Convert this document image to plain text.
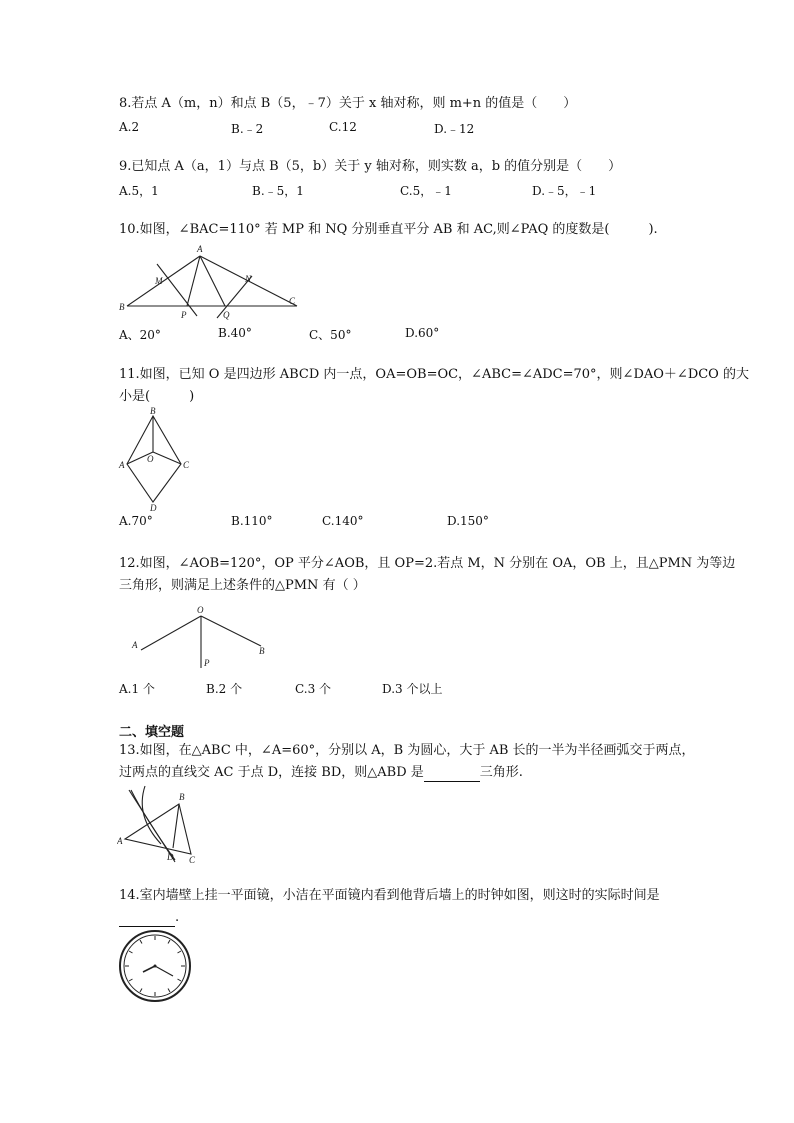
8.若点 A（m，n）和点 B（5，﹣7）关于 x 轴对称，则 m+n 的值是（　　）
A.2	B.﹣2	C.12	D.﹣12
9.已知点 A（a，1）与点 B（5，b）关于 y 轴对称，则实数 a，b 的值分别是（　　）
A.5，1	B.﹣5，1	C.5，﹣1	D.﹣5，﹣1
10.如图，∠BAC=110° 若 MP 和 NQ 分别垂直平分 AB 和 AC,则∠PAQ 的度数是(　　　).
A
B
C
M	N
P	Q
A、20°	B.40°	C、50°	D.60°
11.如图，已知 O 是四边形 ABCD 内一点，OA=OB=OC，∠ABC=∠ADC=70°，则∠DAO＋∠DCO 的大
小是(　　　)
B
A	C
D
O
A.70°	B.110°	C.140°	D.150°
12.如图，∠AOB=120°，OP 平分∠AOB，且 OP=2.若点 M，N 分别在 OA，OB 上，且△PMN 为等边
三角形，则满足上述条件的△PMN 有（ ）
O
A
B
P
A.1 个	B.2 个	C.3 个	D.3 个以上
二、填空题
13.如图，在△ABC 中，∠A=60°，分别以 A，B 为圆心，大于 AB 长的一半为半径画弧交于两点，
过两点的直线交 AC 于点 D，连接 BD，则△ABD 是	三角形.
B
A
D C
14.室内墙壁上挂一平面镜，小洁在平面镜内看到他背后墙上的时钟如图，则这时的实际时间是
.
